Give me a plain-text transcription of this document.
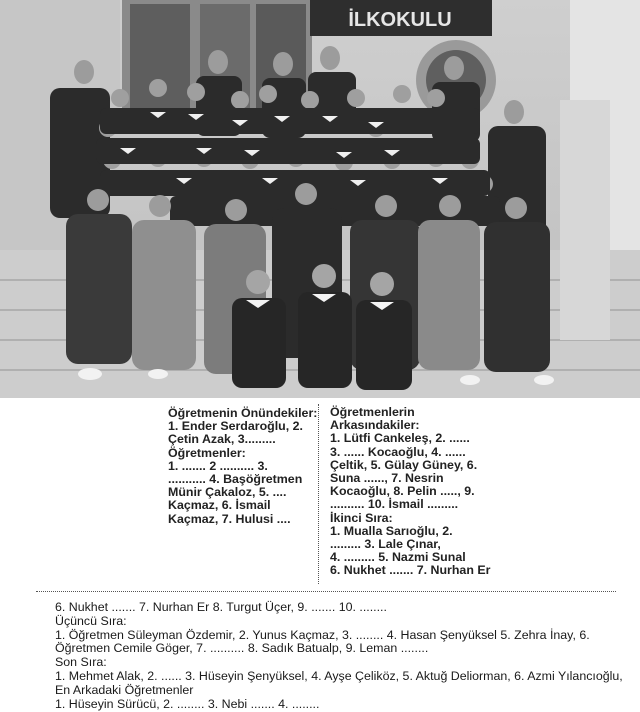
İLKOKULU
Öğretmenin Önündekiler:
1. Ender Serdaroğlu, 2.
Çetin Azak, 3.........
Öğretmenler:
1. ....... 2 .......... 3.
........... 4. Başöğretmen
Münir Çakaloz, 5. ....
Kaçmaz, 6. İsmail
Kaçmaz, 7. Hulusi ....
Öğretmenlerin
Arkasındakiler:
1. Lütfi Cankeleş, 2. ......
3. ...... Kocaoğlu, 4. ......
Çeltik, 5. Gülay Güney, 6.
Suna ......, 7. Nesrin
Kocaoğlu, 8. Pelin ....., 9.
.......... 10. İsmail .........
İkinci Sıra:
1. Mualla Sarıoğlu, 2.
......... 3. Lale Çınar,
4. ......... 5. Nazmi Sunal
6. Nukhet ....... 7. Nurhan Er
6. Nukhet ....... 7. Nurhan Er 8. Turgut Üçer, 9. ....... 10. ........
Üçüncü Sıra:
1. Öğretmen Süleyman Özdemir, 2. Yunus Kaçmaz, 3. ........ 4. Hasan Şenyüksel 5. Zehra İnay, 6.
Öğretmen Cemile Göger, 7. .......... 8. Sadık Batualp, 9. Leman ........
Son Sıra:
1. Mehmet Alak, 2. ...... 3. Hüseyin Şenyüksel, 4. Ayşe Çeliköz, 5. Aktuğ Deliorman, 6. Azmi Yılancıoğlu,
En Arkadaki Öğretmenler
1. Hüseyin Sürücü, 2. ........ 3. Nebi ....... 4. ........
